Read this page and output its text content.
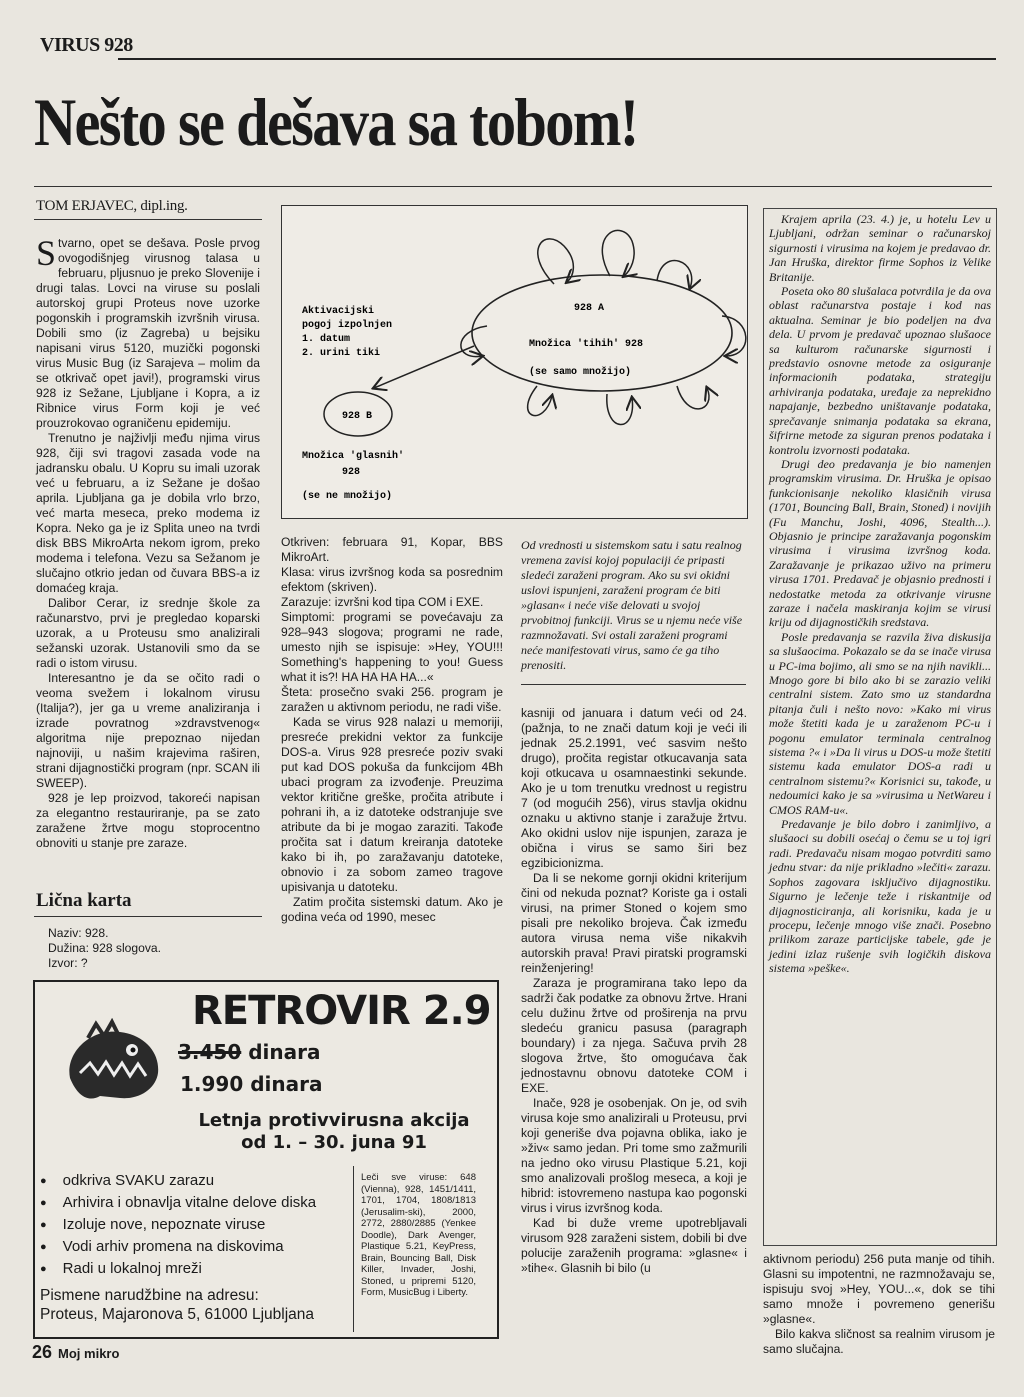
VIRUS 928
Nešto se dešava sa tobom!
TOM ERJAVEC, dipl.ing.

Stvarno, opet se dešava. Posle prvog ovogodišnjeg virusnog talasa u februaru, pljusnuo je preko Slovenije i drugi talas. Lovci na viruse su poslali autorskoj grupi Proteus nove uzorke pogonskih i programskih izvršnih virusa. Dobili smo (iz Zagreba) u bejsiku napisani virus 5120, muzički pogonski virus Music Bug (iz Sarajeva – molim da se otkrivač opet javi!), programski virus 928 iz Sežane, Ljubljane i Kopra, a iz Ribnice virus Form koji je već prouzrokovao ograničenu epidemiju.

Trenutno je najživlji među njima virus 928, čiji svi tragovi zasada vode na jadransku obalu. U Kopru su imali uzorak već u februaru, a iz Sežane je došao aprila. Ljubljana ga je dobila vrlo brzo, već marta meseca, preko modema iz Kopra. Neko ga je iz Splita uneo na tvrdi disk BBS MikroArta nekom igrom, preko modema i telefona. Vezu sa Sežanom je slučajno otkrio jedan od čuvara BBS-a iz domaćeg kraja.

Dalibor Cerar, iz srednje škole za računarstvo, prvi je pregledao koparski uzorak, a u Proteusu smo analizirali sežanski uzorak. Ustanovili smo da se radi o istom virusu.

Interesantno je da se očito radi o veoma svežem i lokalnom virusu (Italija?), jer ga u vreme analiziranja i izrade povratnog »zdravstvenog« algoritma nije prepoznao nijedan najnoviji, u našim krajevima raširen, strani dijagnostički program (npr. SCAN ili SWEEP).

928 je lep proizvod, takoreći napisan za elegantno restauriranje, pa se zato zaražene žrtve mogu stoprocentno obnoviti u stanje pre zaraze.

Lična karta
Naziv: 928.
Dužina: 928 slogova.
Izvor: ?
Aktivacijski
pogoj izpolnjen
1. datum
2. urini tiki
928 A
Množica 'tihih' 928
(se samo množijo)
928 B
Množica 'glasnih'
928
(se ne množijo)

Otkriven: februara 91, Kopar, BBS MikroArt.

Klasa: virus izvršnog koda sa posrednim efektom (skriven).

Zarazuje: izvršni kod tipa COM i EXE.

Simptomi: programi se povećavaju za 928–943 slogova; programi ne rade, umesto njih se ispisuje: »Hey, YOU!!! Something's happening to you! Guess what it is?! HA HA HA HA...«

Šteta: prosečno svaki 256. program je zaražen u aktivnom periodu, ne radi više.

Kada se virus 928 nalazi u memoriji, presreće prekidni vektor za funkcije DOS-a. Virus 928 presreće poziv svaki put kad DOS pokuša da funkcijom 4Bh ubaci program za izvođenje. Preuzima vektor kritične greške, pročita atribute i pohrani ih, a iz datoteke odstranjuje sve atribute da bi je mogao zaraziti. Takođe pročita sat i datum kreiranja datoteke kako bi ih, po zaražavanju datoteke, obnovio i za sobom zameo tragove upisivanja u datoteku.

Zatim pročita sistemski datum. Ako je godina veća od 1990, mesec

Od vrednosti u sistemskom satu i satu realnog vremena zavisi kojoj populaciji će pripasti sledeći zaraženi program. Ako su svi okidni uslovi ispunjeni, zaraženi program će biti »glasan« i neće više delovati u svojoj prvobitnoj funkciji. Virus se u njemu neće više razmnožavati. Svi ostali zaraženi programi neće manifestovati virus, samo će ga tiho prenositi.

kasniji od januara i datum veći od 24. (pažnja, to ne znači datum koji je veći ili jednak 25.2.1991, već sasvim nešto drugo), pročita registar otkucavanja sata koji otkucava u osamnaestinki sekunde. Ako je u tom trenutku vrednost u registru 7 (od mogućih 256), virus stavlja okidnu oznaku u aktivno stanje i zaražuje žrtvu. Ako okidni uslov nije ispunjen, zaraza je obična i virus se samo širi bez egzibicionizma.

Da li se nekome gornji okidni kriterijum čini od nekuda poznat? Koriste ga i ostali virusi, na primer Stoned o kojem smo pisali pre nekoliko brojeva. Čak između autora virusa nema više nikakvih autorskih prava! Pravi piratski programski reinženjering!

Zaraza je programirana tako lepo da sadrži čak podatke za obnovu žrtve. Hrani celu dužinu žrtve od proširenja na prvu sledeću granicu pasusa (paragraph boundary) i za njega. Sačuva prvih 28 slogova žrtve, što omogućava čak jednostavnu obnovu datoteke COM i EXE.

Inače, 928 je osobenjak. On je, od svih virusa koje smo analizirali u Proteusu, prvi koji generiše dva pojavna oblika, iako je »živ« samo jedan. Pri tome smo zažmurili na jedno oko virusu Plastique 5.21, koji smo analizovali prošlog meseca, a koji je hibrid: istovremeno nastupa kao pogonski virus i virus izvršnog koda.

Kad bi duže vreme upotrebljavali virusom 928 zaraženi sistem, dobili bi dve polucije zaraženih programa: »glasne« i »tihe«. Glasnih bi bilo (u

Krajem aprila (23. 4.) je, u hotelu Lev u Ljubljani, održan seminar o računarskoj sigurnosti i virusima na kojem je predavao dr. Jan Hruška, direktor firme Sophos iz Velike Britanije.

Poseta oko 80 slušalaca potvrdila je da ova oblast računarstva postaje i kod nas aktualna. Seminar je bio podeljen na dva dela. U prvom je predavač upoznao slušaoce sa kulturom računarske sigurnosti i predstavio osnovne metode za osiguranje informacionih podataka, strategiju arhiviranja podataka, uređaje za neprekidno napajanje, bezbedno uništavanje podataka, sprečavanje snimanja podataka sa ekrana, šifrirne metode za siguran prenos podataka i kontrolu izvornosti podataka.

Drugi deo predavanja je bio namenjen programskim virusima. Dr. Hruška je opisao funkcionisanje nekoliko klasičnih virusa (1701, Bouncing Ball, Brain, Stoned) i novijih (Fu Manchu, Joshi, 4096, Stealth...). Objasnio je principe zaražavanja pogonskim virusima i virusima izvršnog koda. Zaražavanje je prikazao uživo na primeru virusa 1701. Predavač je objasnio prednosti i nedostatke metoda za otkrivanje virusne zaraze i načela maskiranja kojim se virusi kriju od dijagnostičkih sredstava.

Posle predavanja se razvila živa diskusija sa slušaocima. Pokazalo se da se inače virusa u PC-ima bojimo, ali smo se na njih navikli... Mnogo gore bi bilo ako bi se zarazio veliki centralni sistem. Zato smo uz standardna pitanja čuli i nešto novo: »Kako mi virus može štetiti kada je u zaraženom PC-u i pogonu emulator terminala centralnog sistema ?« i »Da li virus u DOS-u može štetiti sistemu kada emulator DOS-a radi u centralnom sistemu?« Korisnici su, takođe, u nedoumici kako je sa »virusima u NetWareu i CMOS RAM-u«.

Predavanje je bilo dobro i zanimljivo, a slušaoci su dobili osećaj o čemu se u toj igri radi. Predavaču nisam mogao potvrditi samo jednu stvar: da nije prikladno »lečiti« zarazu. Sophos zagovara isključivo dijagnostiku. Sigurno je lečenje teže i riskantnije od dijagnosticiranja, ali korisniku, kada je u procepu, lečenje mnogo više znači. Posebno prilikom zaraze particijske tabele, gde je jedini izlaz rušenje svih logičkih diskova sistema »peške«.

aktivnom periodu) 256 puta manje od tihih. Glasni su impotentni, ne razmnožavaju se, ispisuju svoj »Hey, YOU...«, dok se tihi samo množe i povremeno generišu »glasne«.

Bilo kakva sličnost sa realnim virusom je samo slučajna.

RETROVIR 2.9
3.450 dinara
1.990 dinara
Letnja protivvirusna akcija
od 1. – 30. juna 91
● odkriva SVAKU zarazu
● Arhivira i obnavlja vitalne delove diska
● Izoluje nove, nepoznate viruse
● Vodi arhiv promena na diskovima
● Radi u lokalnoj mreži
Leči sve viruse: 648 (Vienna), 928, 1451/1411, 1701, 1704, 1808/1813 (Jerusalim-ski), 2000, 2772, 2880/2885 (Yenkee Doodle), Dark Avenger, Plastique 5.21, KeyPress, Brain, Bouncing Ball, Disk Killer, Invader, Joshi, Stoned, u pripremi 5120, Form, MusicBug i Liberty.
Pismene narudžbine na adresu:
Proteus, Majaronova 5, 61000 Ljubljana
26 Moj mikro
